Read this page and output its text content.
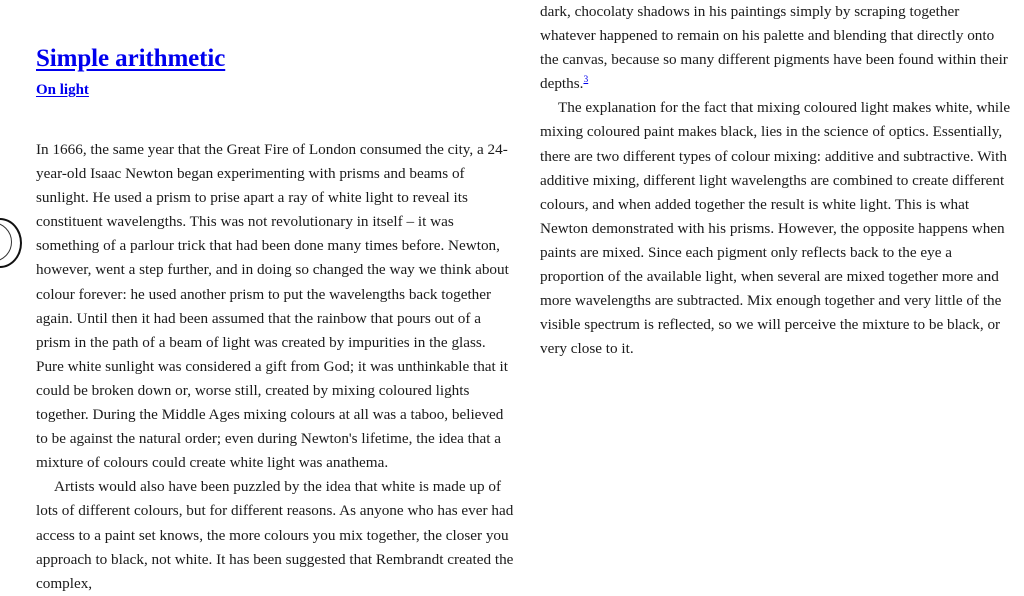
Simple arithmetic
On light

In 1666, the same year that the Great Fire of London consumed the city, a 24-year-old Isaac Newton began experimenting with prisms and beams of sunlight. He used a prism to prise apart a ray of white light to reveal its constituent wavelengths. This was not revolutionary in itself – it was something of a parlour trick that had been done many times before. Newton, however, went a step further, and in doing so changed the way we think about colour forever: he used another prism to put the wavelengths back together again. Until then it had been assumed that the rainbow that pours out of a prism in the path of a beam of light was created by impurities in the glass. Pure white sunlight was considered a gift from God; it was unthinkable that it could be broken down or, worse still, created by mixing coloured lights together. During the Middle Ages mixing colours at all was a taboo, believed to be against the natural order; even during Newton's lifetime, the idea that a mixture of colours could create white light was anathema.

Artists would also have been puzzled by the idea that white is made up of lots of different colours, but for different reasons. As anyone who has ever had access to a paint set knows, the more colours you mix together, the closer you approach to black, not white. It has been suggested that Rembrandt created the complex,

dark, chocolaty shadows in his paintings simply by scraping together whatever happened to remain on his palette and blending that directly onto the canvas, because so many different pigments have been found within their depths.$^3$

The explanation for the fact that mixing coloured light makes white, while mixing coloured paint makes black, lies in the science of optics. Essentially, there are two different types of colour mixing: additive and subtractive. With additive mixing, different light wavelengths are combined to create different colours, and when added together the result is white light. This is what Newton demonstrated with his prisms. However, the opposite happens when paints are mixed. Since each pigment only reflects back to the eye a proportion of the available light, when several are mixed together more and more wavelengths are subtracted. Mix enough together and very little of the visible spectrum is reflected, so we will perceive the mixture to be black, or very close to it.
